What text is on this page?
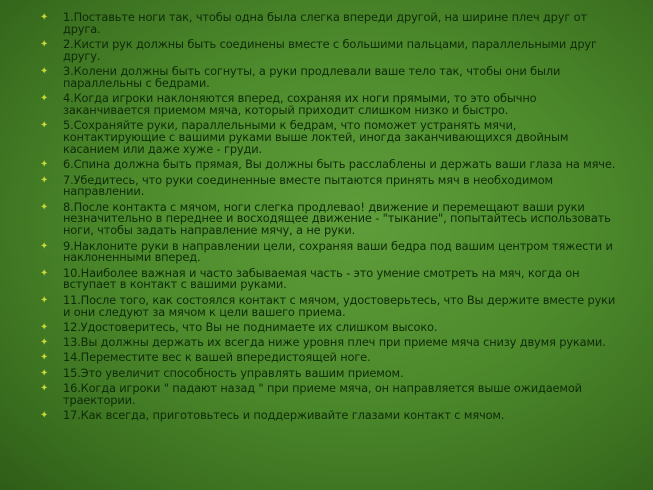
✦ 1.Поставьте ноги так, чтобы одна была слегка впереди другой, на ширине плеч друг от друга.
✦ 2.Кисти рук должны быть соединены вместе с большими пальцами, параллельными друг другу.
✦ 3.Колени должны быть согнуты, а руки продлевали ваше тело так, чтобы они были параллельны с бедрами.
✦ 4.Когда игроки наклоняются вперед, сохраняя их ноги прямыми, то это обычно заканчивается приемом мяча, который приходит слишком низко и быстро.
✦ 5.Сохраняйте руки, параллельными к бедрам, что поможет устранять мячи, контактирующие с вашими руками выше локтей, иногда заканчивающихся двойным касанием или даже хуже - груди.
✦ 6.Спина должна быть прямая, Вы должны быть расслаблены и держать ваши глаза на мяче.
✦ 7.Убедитесь, что руки соединенные вместе пытаются принять мяч в необходимом направлении.
✦ 8.После контакта с мячом, ноги слегка продлевао! движение и перемещают ваши руки незначительно в переднее и восходящее движение - "тыкание", попытайтесь использовать ноги, чтобы задать направление мячу, а не руки.
✦ 9.Наклоните руки в направлении цели, сохраняя ваши бедра под вашим центром тяжести и наклоненными вперед.
✦ 10.Наиболее важная и часто забываемая часть - это умение смотреть на мяч, когда он вступает в контакт с вашими руками.
✦ 11.После того, как состоялся контакт с мячом, удостоверьтесь, что Вы держите вместе руки и они следуют за мячом к цели вашего приема.
✦ 12.Удостоверитесь, что Вы не поднимаете их слишком высоко.
✦ 13.Вы должны держать их всегда ниже уровня плеч при приеме мяча снизу двумя руками.
✦ 14.Переместите вес к вашей впередистоящей ноге.
✦ 15.Это увеличит способность управлять вашим приемом.
✦ 16.Когда игроки " падают назад " при приеме мяча, он направляется выше ожидаемой траектории.
✦ 17.Как всегда, приготовьтесь и поддерживайте глазами контакт с мячом.
